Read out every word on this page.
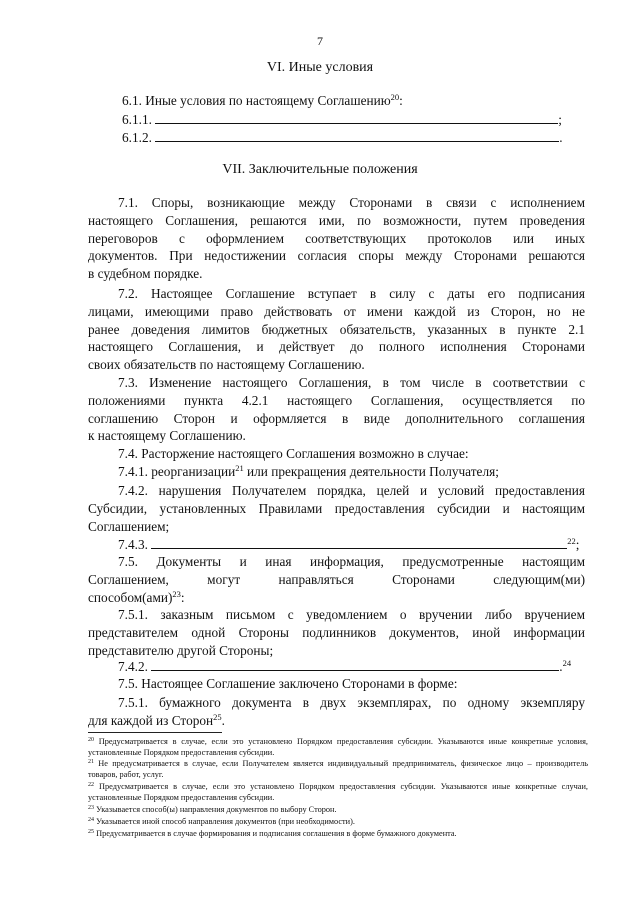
7
VI. Иные условия
6.1. Иные условия по настоящему Соглашению$^{20}$:
6.1.1.	;
6.1.2.	.
VII. Заключительные положения
7.1. Споры, возникающие между Сторонами в связи с исполнением
настоящего Соглашения, решаются ими, по возможности, путем проведения
переговоров с оформлением соответствующих протоколов или иных
документов. При недостижении согласия споры между Сторонами решаются
в судебном порядке.
7.2. Настоящее Соглашение вступает в силу с даты его подписания
лицами, имеющими право действовать от имени каждой из Сторон, но не
ранее доведения лимитов бюджетных обязательств, указанных в пункте 2.1
настоящего Соглашения, и действует до полного исполнения Сторонами
своих обязательств по настоящему Соглашению.
7.3. Изменение настоящего Соглашения, в том числе в соответствии с
положениями пункта 4.2.1 настоящего Соглашения, осуществляется по
соглашению Сторон и оформляется в виде дополнительного соглашения
к настоящему Соглашению.
7.4. Расторжение настоящего Соглашения возможно в случае:
7.4.1. реорганизации$^{21}$ или прекращения деятельности Получателя;
7.4.2. нарушения Получателем порядка, целей и условий предоставления
Субсидии, установленных Правилами предоставления субсидии и настоящим
Соглашением;
7.4.3.	$^{22}$;
7.5. Документы и иная информация, предусмотренные настоящим
Соглашением, могут направляться Сторонами следующим(ми)
способом(ами)$^{23}$:
7.5.1. заказным письмом с уведомлением о вручении либо вручением
представителем одной Стороны подлинников документов, иной информации
представителю другой Стороны;
7.4.2.	.$^{24}$
7.5. Настоящее Соглашение заключено Сторонами в форме:
7.5.1. бумажного документа в двух экземплярах, по одному экземпляру
для каждой из Сторон$^{25}$.
$^{20}$ Предусматривается в случае, если это установлено Порядком предоставления субсидии. Указываются иные конкретные условия, установленные Порядком предоставления субсидии.
$^{21}$ Не предусматривается в случае, если Получателем является индивидуальный предприниматель, физическое лицо – производитель товаров, работ, услуг.
$^{22}$ Предусматривается в случае, если это установлено Порядком предоставления субсидии. Указываются иные конкретные случаи, установленные Порядком предоставления субсидии.
$^{23}$ Указывается способ(ы) направления документов по выбору Сторон.
$^{24}$ Указывается иной способ направления документов (при необходимости).
$^{25}$ Предусматривается в случае формирования и подписания соглашения в форме бумажного документа.
